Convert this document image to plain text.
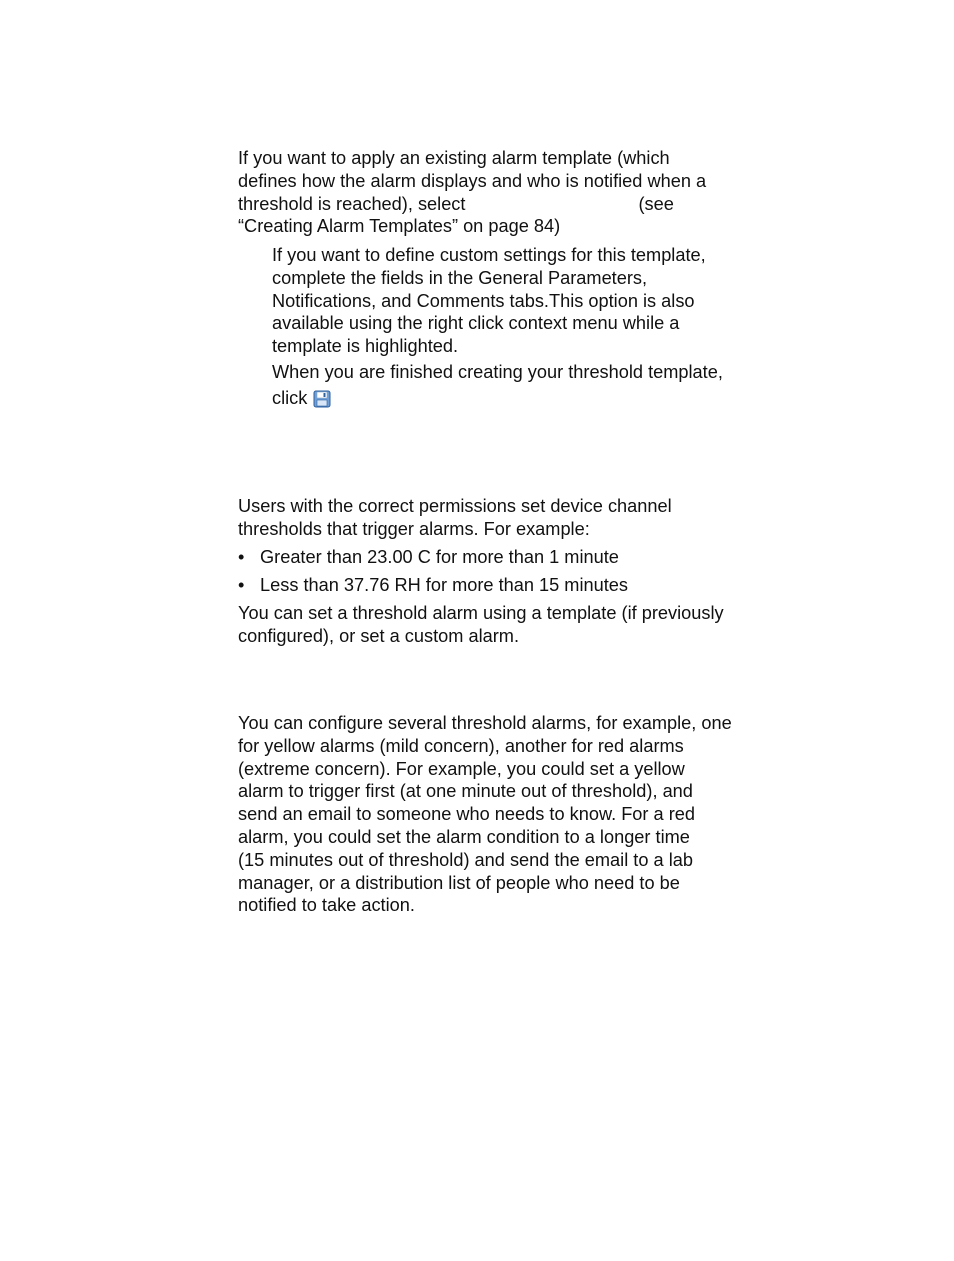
If you want to apply an existing alarm template (which
defines how the alarm displays and who is notified when a
threshold is reached), select	(see
“Creating Alarm Templates” on page 84)
If you want to define custom settings for this template,
complete the fields in the General Parameters,
Notifications, and Comments tabs.This option is also
available using the right click context menu while a
template is highlighted.
When you are finished creating your threshold template,
click
Users with the correct permissions set device channel
thresholds that trigger alarms. For example:
• Greater than 23.00 C for more than 1 minute
• Less than 37.76 RH for more than 15 minutes
You can set a threshold alarm using a template (if previously
configured), or set a custom alarm.
You can configure several threshold alarms, for example, one
for yellow alarms (mild concern), another for red alarms
(extreme concern). For example, you could set a yellow
alarm to trigger first (at one minute out of threshold), and
send an email to someone who needs to know. For a red
alarm, you could set the alarm condition to a longer time
(15 minutes out of threshold) and send the email to a lab
manager, or a distribution list of people who need to be
notified to take action.
